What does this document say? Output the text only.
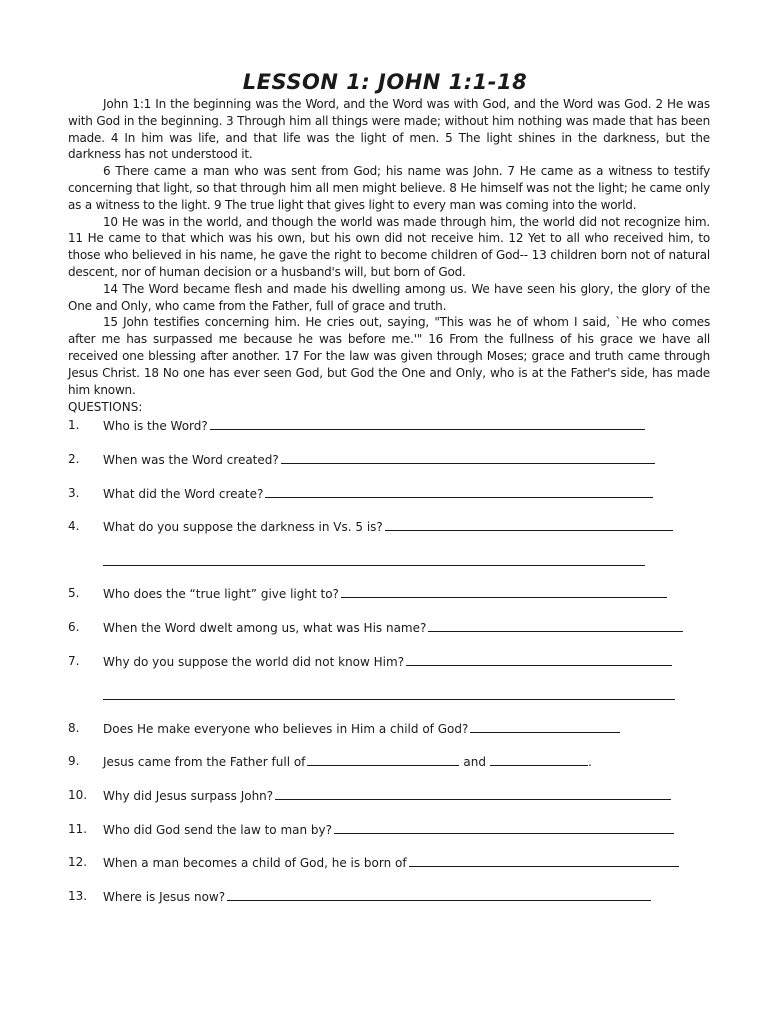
LESSON 1: JOHN 1:1-18

John 1:1 In the beginning was the Word, and the Word was with God, and the Word was God. 2 He was with God in the beginning. 3 Through him all things were made; without him nothing was made that has been made. 4 In him was life, and that life was the light of men. 5 The light shines in the darkness, but the darkness has not understood it.

6 There came a man who was sent from God; his name was John. 7 He came as a witness to testify concerning that light, so that through him all men might believe. 8 He himself was not the light; he came only as a witness to the light. 9 The true light that gives light to every man was coming into the world.

10 He was in the world, and though the world was made through him, the world did not recognize him. 11 He came to that which was his own, but his own did not receive him. 12 Yet to all who received him, to those who believed in his name, he gave the right to become children of God-- 13 children born not of natural descent, nor of human decision or a husband's will, but born of God.

14 The Word became flesh and made his dwelling among us. We have seen his glory, the glory of the One and Only, who came from the Father, full of grace and truth.

15 John testifies concerning him. He cries out, saying, "This was he of whom I said, `He who comes after me has surpassed me because he was before me.'" 16 From the fullness of his grace we have all received one blessing after another. 17 For the law was given through Moses; grace and truth came through Jesus Christ. 18 No one has ever seen God, but God the One and Only, who is at the Father's side, has made him known.

QUESTIONS:
1. Who is the Word?
2. When was the Word created?
3. What did the Word create?
4. What do you suppose the darkness in Vs. 5 is?
5. Who does the “true light” give light to?
6. When the Word dwelt among us, what was His name?
7. Why do you suppose the world did not know Him?
8. Does He make everyone who believes in Him a child of God?
9. Jesus came from the Father full of	and	.
10. Why did Jesus surpass John?
11. Who did God send the law to man by?
12. When a man becomes a child of God, he is born of
13. Where is Jesus now?
